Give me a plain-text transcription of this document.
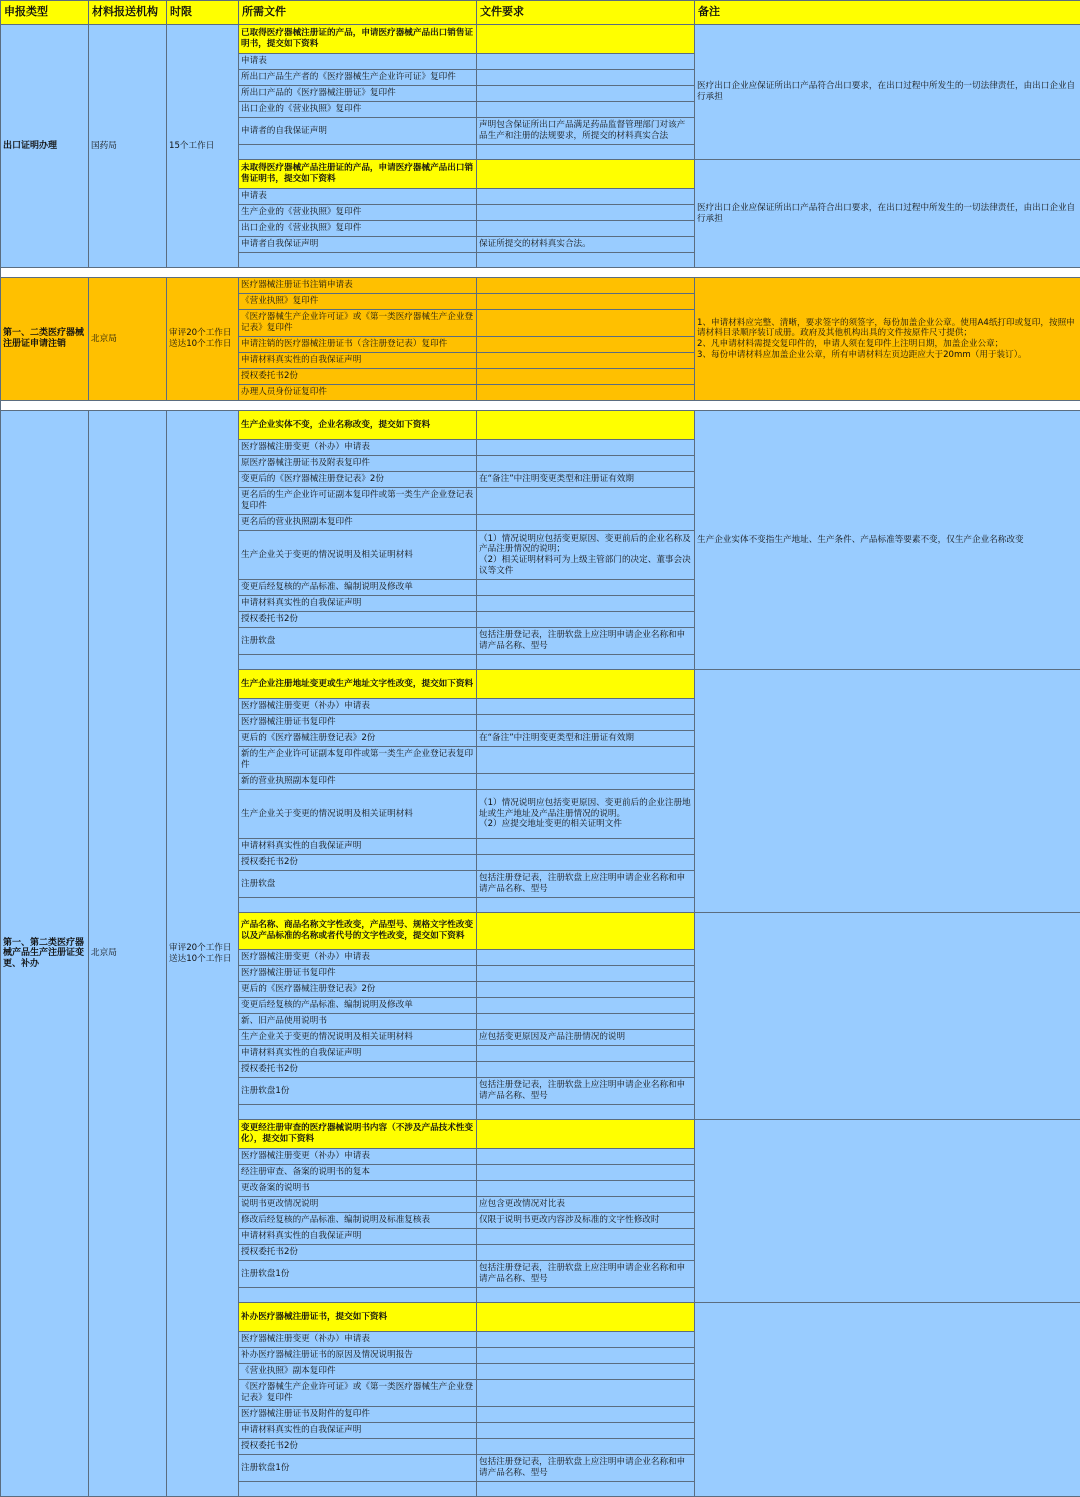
申报类型	材料报送机构	时限	所需文件	文件要求	备注
出口证明办理	国药局	15个工作日	已取得医疗器械注册证的产品，申请医疗器械产品出口销售证明书，提交如下资料		医疗出口企业应保证所出口产品符合出口要求，在出口过程中所发生的一切法律责任，由出口企业自行承担
			申请表		
			所出口产品生产者的《医疗器械生产企业许可证》复印件		
			所出口产品的《医疗器械注册证》复印件		
			出口企业的《营业执照》复印件		
			申请者的自我保证声明	声明包含保证所出口产品满足药品监督管理部门对该产品生产和注册的法规要求，所提交的材料真实合法	

			未取得医疗器械产品注册证的产品，申请医疗器械产品出口销售证明书，提交如下资料		医疗出口企业应保证所出口产品符合出口要求，在出口过程中所发生的一切法律责任，由出口企业自行承担
			申请表		
			生产企业的《营业执照》复印件		
			出口企业的《营业执照》复印件		
			申请者自我保证声明	保证所提交的材料真实合法。	

第一、二类医疗器械注册证申请注销	北京局	审评20个工作日送达10个工作日	医疗器械注册证书注销申请表		1、申请材料应完整、清晰，要求签字的须签字，每份加盖企业公章。使用A4纸打印或复印，按照申请材料目录顺序装订成册。政府及其他机构出具的文件按原件尺寸提供；
2、凡申请材料需提交复印件的，申请人须在复印件上注明日期，加盖企业公章；
3、每份申请材料应加盖企业公章，所有申请材料左页边距应大于20mm（用于装订）。
			《营业执照》复印件		
			《医疗器械生产企业许可证》或《第一类医疗器械生产企业登记表》复印件		
			申请注销的医疗器械注册证书（含注册登记表）复印件		
			申请材料真实性的自我保证声明		
			授权委托书2份		
			办理人员身份证复印件		

第一、第二类医疗器械产品生产注册证变更、补办	北京局	审评20个工作日送达10个工作日	生产企业实体不变，企业名称改变，提交如下资料		生产企业实体不变指生产地址、生产条件、产品标准等要素不变，仅生产企业名称改变
			医疗器械注册变更（补办）申请表		
			原医疗器械注册证书及附表复印件		
			变更后的《医疗器械注册登记表》2份	在“备注”中注明变更类型和注册证有效期	
			更名后的生产企业许可证副本复印件或第一类生产企业登记表复印件		
			更名后的营业执照副本复印件		
			生产企业关于变更的情况说明及相关证明材料	（1）情况说明应包括变更原因、变更前后的企业名称及产品注册情况的说明；
（2）相关证明材料可为上级主管部门的决定、董事会决议等文件	
			变更后经复核的产品标准、编制说明及修改单		
			申请材料真实性的自我保证声明		
			授权委托书2份		
			注册软盘	包括注册登记表，注册软盘上应注明申请企业名称和申请产品名称、型号	

			生产企业注册地址变更或生产地址文字性改变，提交如下资料		
			医疗器械注册变更（补办）申请表		
			医疗器械注册证书复印件		
			更后的《医疗器械注册登记表》2份	在“备注”中注明变更类型和注册证有效期	
			新的生产企业许可证副本复印件或第一类生产企业登记表复印件		
			新的营业执照副本复印件		
			生产企业关于变更的情况说明及相关证明材料	（1）情况说明应包括变更原因、变更前后的企业注册地址或生产地址及产品注册情况的说明。
（2）应提交地址变更的相关证明文件	
			申请材料真实性的自我保证声明		
			授权委托书2份		
			注册软盘	包括注册登记表，注册软盘上应注明申请企业名称和申请产品名称、型号	

			产品名称、商品名称文字性改变，产品型号、规格文字性改变以及产品标准的名称或者代号的文字性改变，提交如下资料		
			医疗器械注册变更（补办）申请表		
			医疗器械注册证书复印件		
			更后的《医疗器械注册登记表》2份		
			变更后经复核的产品标准、编制说明及修改单		
			新、旧产品使用说明书		
			生产企业关于变更的情况说明及相关证明材料	应包括变更原因及产品注册情况的说明	
			申请材料真实性的自我保证声明		
			授权委托书2份		
			注册软盘1份	包括注册登记表，注册软盘上应注明申请企业名称和申请产品名称、型号	

			变更经注册审查的医疗器械说明书内容（不涉及产品技术性变化），提交如下资料		
			医疗器械注册变更（补办）申请表		
			经注册审查、备案的说明书的复本		
			更改备案的说明书		
			说明书更改情况说明	应包含更改情况对比表	
			修改后经复核的产品标准、编制说明及标准复核表	仅限于说明书更改内容涉及标准的文字性修改时	
			申请材料真实性的自我保证声明		
			授权委托书2份		
			注册软盘1份	包括注册登记表，注册软盘上应注明申请企业名称和申请产品名称、型号	

			补办医疗器械注册证书，提交如下资料		
			医疗器械注册变更（补办）申请表		
			补办医疗器械注册证书的原因及情况说明报告		
			《营业执照》副本复印件		
			《医疗器械生产企业许可证》或《第一类医疗器械生产企业登记表》复印件		
			医疗器械注册证书及附件的复印件		
			申请材料真实性的自我保证声明		
			授权委托书2份		
			注册软盘1份	包括注册登记表，注册软盘上应注明申请企业名称和申请产品名称、型号	
